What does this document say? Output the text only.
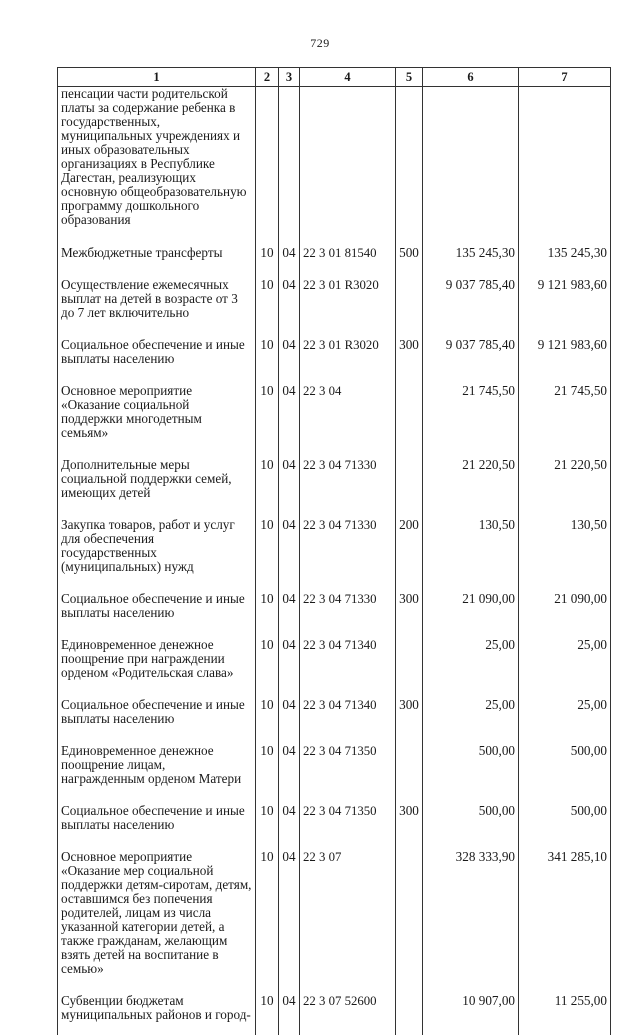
729
1	2	3	4	5	6	7
пенсации части родительской платы за содержание ребенка в государственных, муниципальных учреждениях и иных образовательных организациях в Республике Дагестан, реализующих основную общеобразовательную программу дошкольного образования						
Межбюджетные трансферты	10	04	22 3 01 81540	500	135 245,30	135 245,30
Осуществление ежемесячных выплат на детей в возрасте от 3 до 7 лет включительно	10	04	22 3 01 R3020		9 037 785,40	9 121 983,60
Социальное обеспечение и иные выплаты населению	10	04	22 3 01 R3020	300	9 037 785,40	9 121 983,60
Основное мероприятие «Оказание социальной поддержки многодетным семьям»	10	04	22 3 04		21 745,50	21 745,50
Дополнительные меры социальной поддержки семей, имеющих детей	10	04	22 3 04 71330		21 220,50	21 220,50
Закупка товаров, работ и услуг для обеспечения государственных (муниципальных) нужд	10	04	22 3 04 71330	200	130,50	130,50
Социальное обеспечение и иные выплаты населению	10	04	22 3 04 71330	300	21 090,00	21 090,00
Единовременное денежное поощрение при награждении орденом «Родительская слава»	10	04	22 3 04 71340		25,00	25,00
Социальное обеспечение и иные выплаты населению	10	04	22 3 04 71340	300	25,00	25,00
Единовременное денежное поощрение лицам, награжденным орденом Матери	10	04	22 3 04 71350		500,00	500,00
Социальное обеспечение и иные выплаты населению	10	04	22 3 04 71350	300	500,00	500,00
Основное мероприятие «Оказание мер социальной поддержки детям-сиротам, детям, оставшимся без попечения родителей, лицам из числа указанной категории детей, а также гражданам, желающим взять детей на воспитание в семью»	10	04	22 3 07		328 333,90	341 285,10
Субвенции бюджетам муниципальных районов и город-	10	04	22 3 07 52600		10 907,00	11 255,00
